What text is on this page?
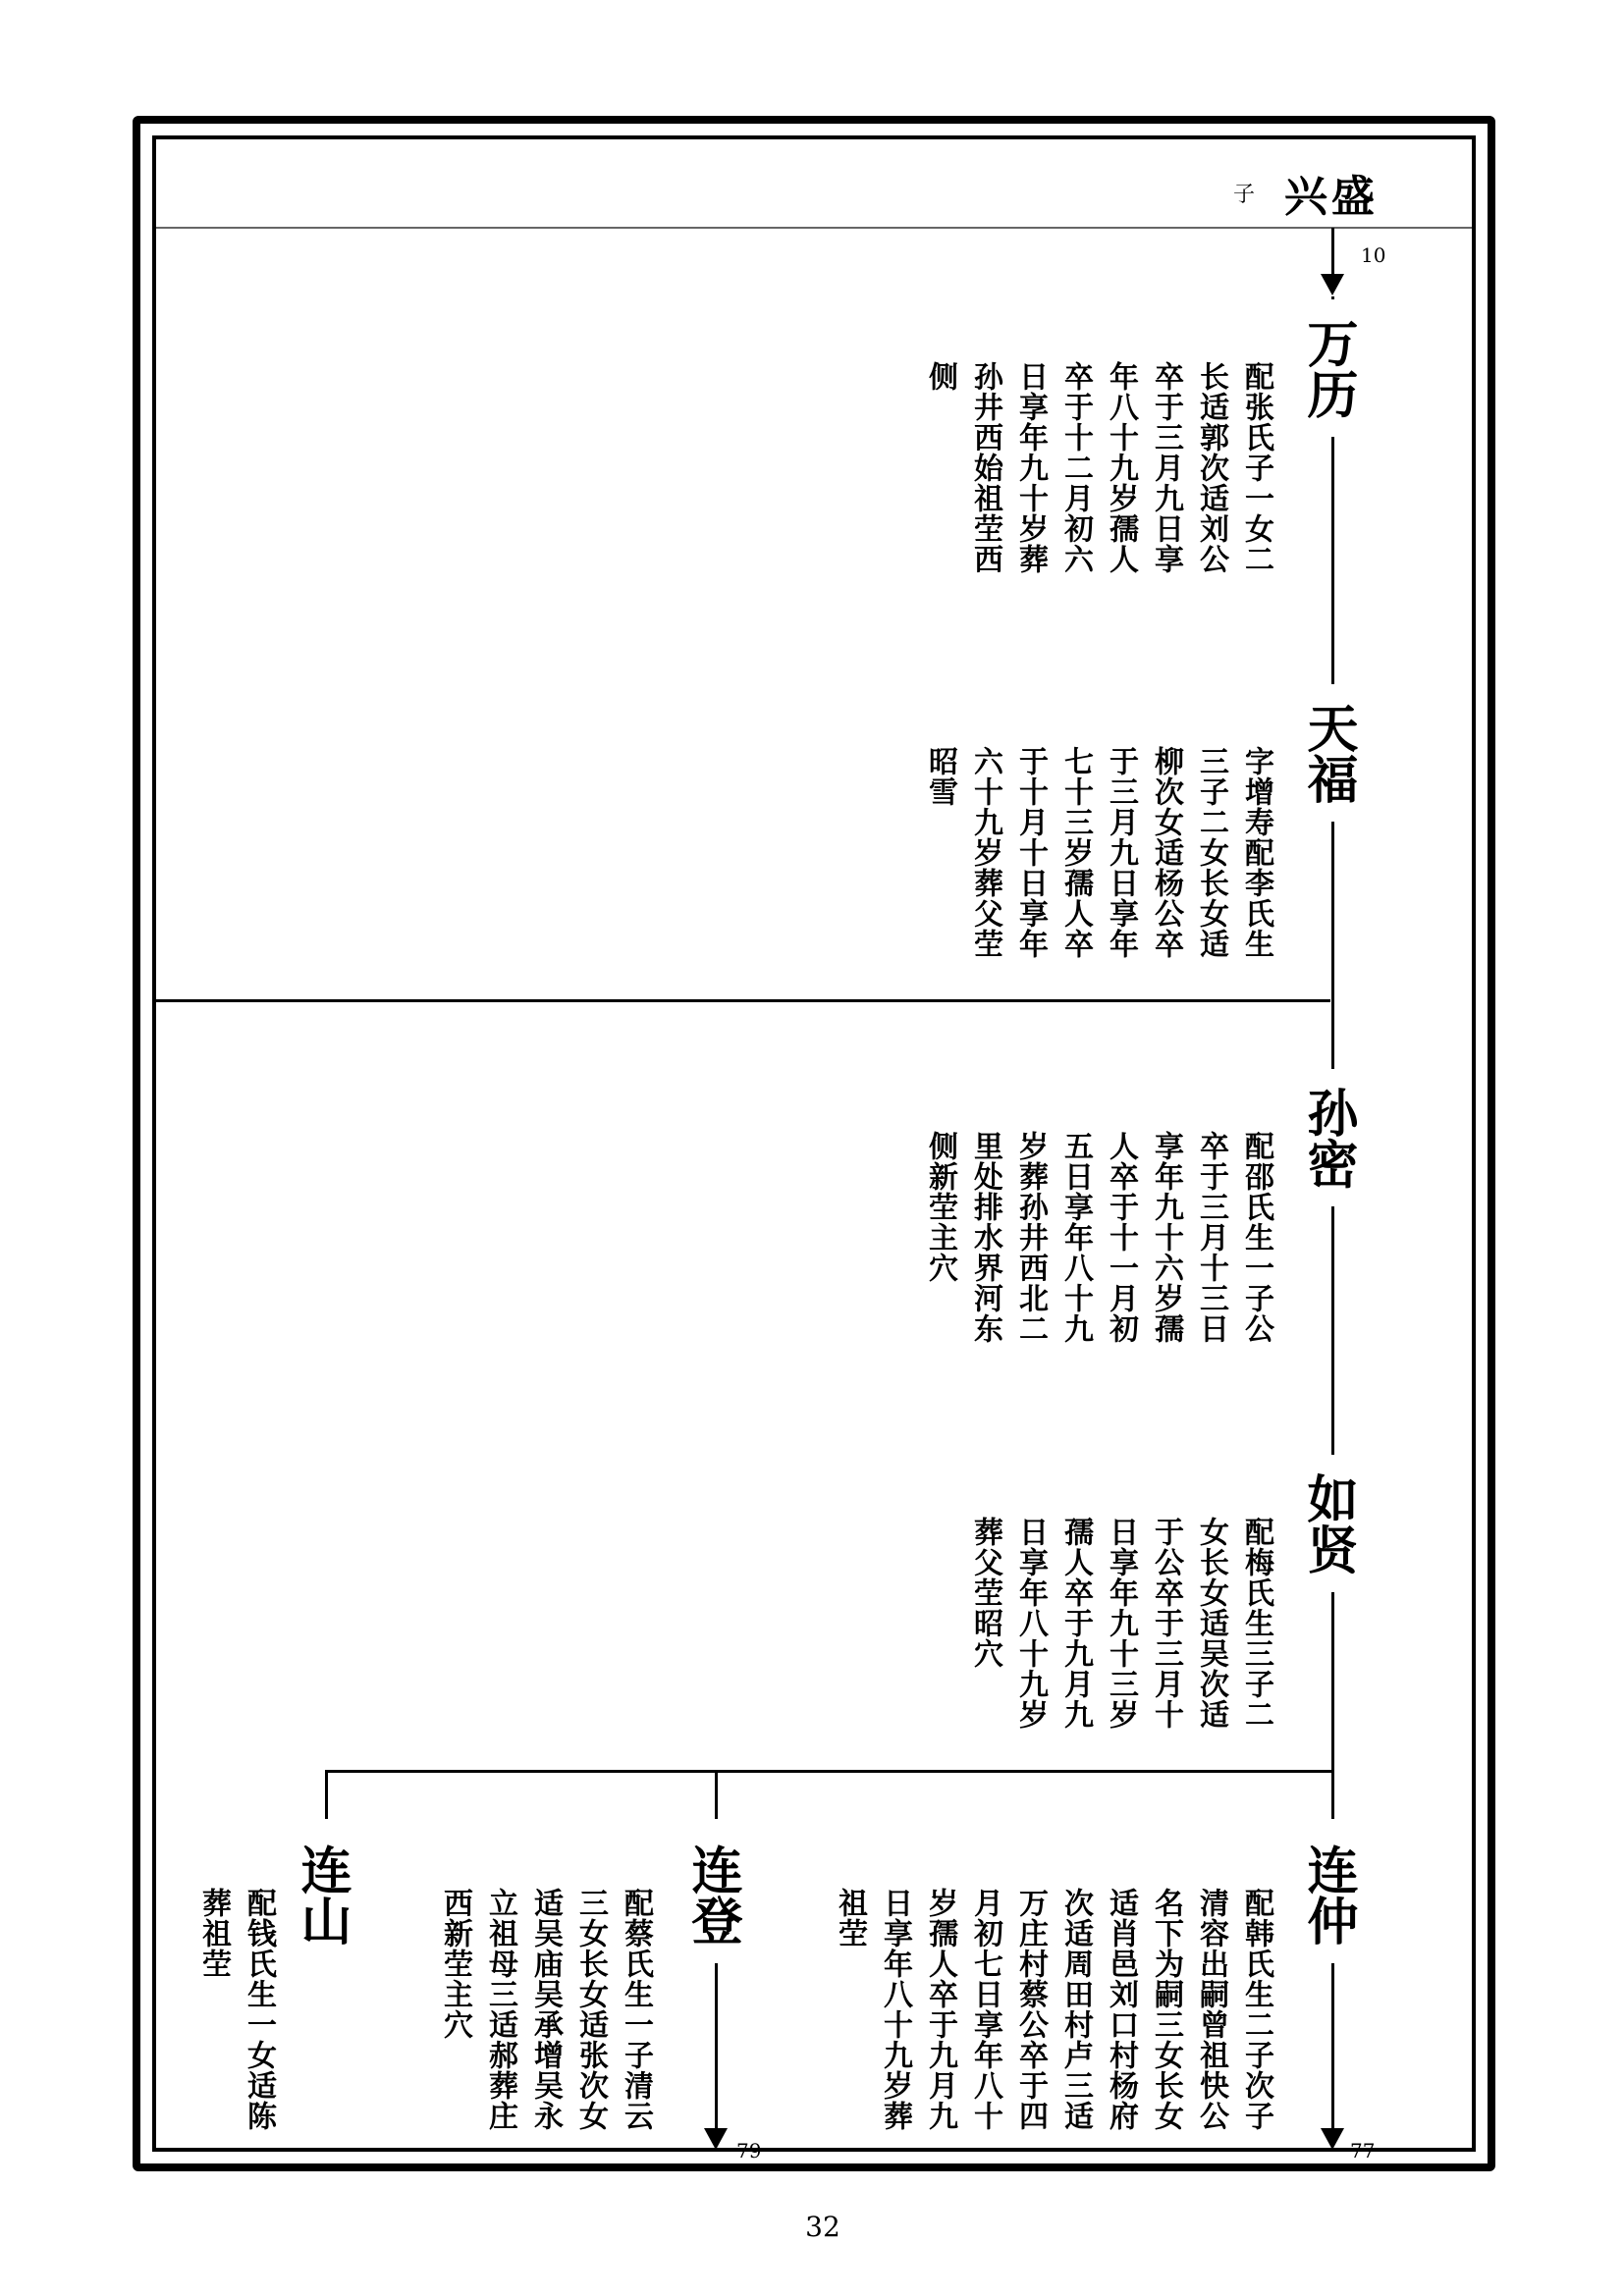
子 兴盛
10
万历
配张氏子一女二长适郭次适刘公卒于三月九日享年八十九岁孺人卒于十二月初六日享年九十岁葬孙井西始祖茔西侧
天福
字增寿配李氏生三子二女长女适柳次女适杨公卒于三月九日享年七十三岁孺人卒于十月十日享年六十九岁葬父茔昭雪
孙密
配邵氏生一子公卒于三月十三日享年九十六岁孺人卒于十一月初五日享年八十九岁葬孙井西北二里处排水界河东侧新茔主穴
如贤
配梅氏生三子二女长女适吴次适于公卒于三月十日享年九十三岁孺人卒于九月九日享年八十九岁葬父茔昭穴
连仲
配韩氏生二子次子清容出嗣曾祖快公名下为嗣三女长女适肖邑刘口村杨府次适周田村卢三适万庄村蔡公卒于四月初七日享年八十岁孺人卒于九月九日享年八十九岁葬祖茔
77
连登
配蔡氏生一子清云三女长女适张次女适吴庙吴承增吴永立祖母三适郝葬庄西新茔主穴
79
连山
配钱氏生一女适陈葬祖茔
32
